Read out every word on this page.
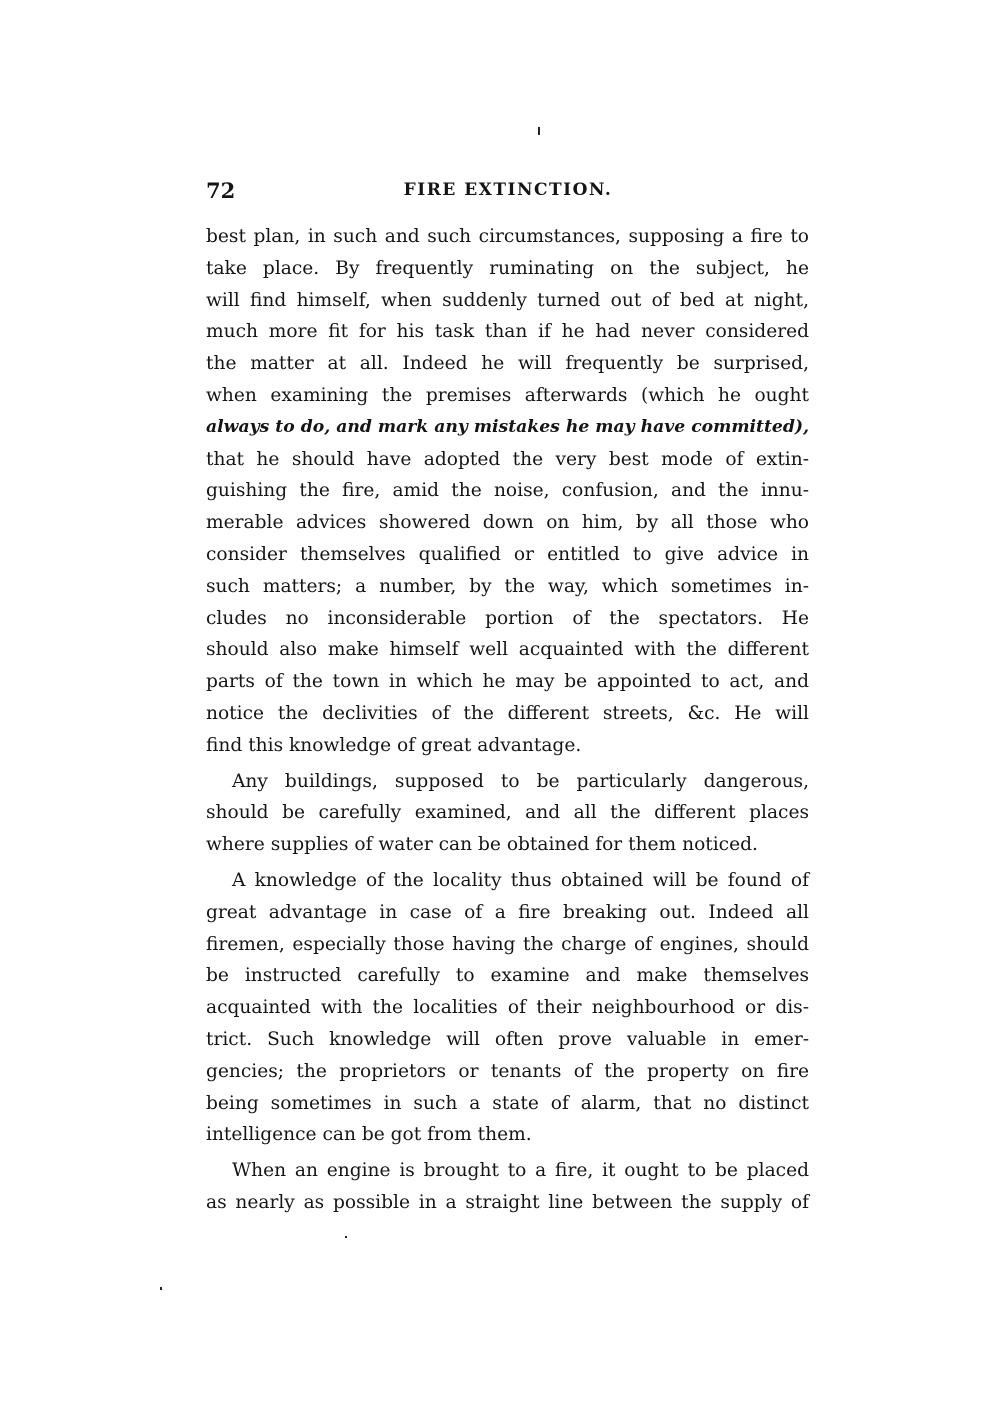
72	FIRE EXTINCTION.
best plan, in such and such circumstances, supposing a fire to
take place. By frequently ruminating on the subject, he
will find himself, when suddenly turned out of bed at night,
much more fit for his task than if he had never considered
the matter at all. Indeed he will frequently be surprised,
when examining the premises afterwards (which he ought
always to do, and mark any mistakes he may have committed),
that he should have adopted the very best mode of extin-
guishing the fire, amid the noise, confusion, and the innu-
merable advices showered down on him, by all those who
consider themselves qualified or entitled to give advice in
such matters; a number, by the way, which sometimes in-
cludes no inconsiderable portion of the spectators. He
should also make himself well acquainted with the different
parts of the town in which he may be appointed to act, and
notice the declivities of the different streets, &c. He will
find this knowledge of great advantage.
Any buildings, supposed to be particularly dangerous,
should be carefully examined, and all the different places
where supplies of water can be obtained for them noticed.
A knowledge of the locality thus obtained will be found of
great advantage in case of a fire breaking out. Indeed all
firemen, especially those having the charge of engines, should
be instructed carefully to examine and make themselves
acquainted with the localities of their neighbourhood or dis-
trict. Such knowledge will often prove valuable in emer-
gencies; the proprietors or tenants of the property on fire
being sometimes in such a state of alarm, that no distinct
intelligence can be got from them.
When an engine is brought to a fire, it ought to be placed
as nearly as possible in a straight line between the supply of
